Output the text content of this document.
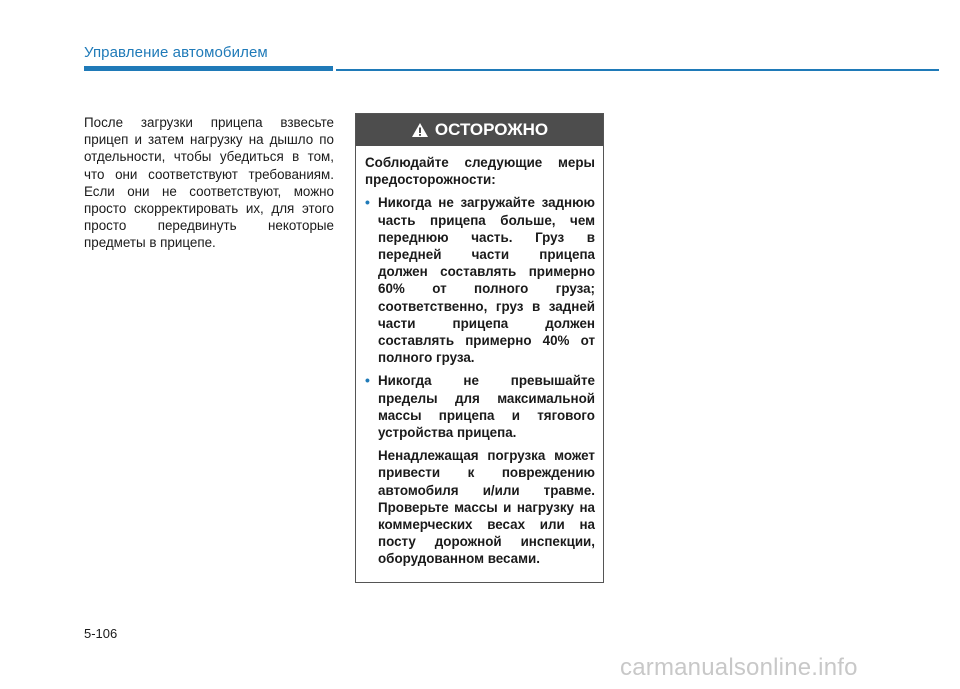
Управление автомобилем
После загрузки прицепа взвесьте прицеп и затем нагрузку на дышло по отдельности, чтобы убедиться в том, что они соответствуют требованиям. Если они не соответствуют, можно просто скорректировать их, для этого просто передвинуть некоторые предметы в прицепе.
ОСТОРОЖНО

Соблюдайте следующие меры предосторожности:

• Никогда не загружайте заднюю часть прицепа больше, чем переднюю часть. Груз в передней части прицепа должен составлять примерно 60% от полного груза; соответственно, груз в задней части прицепа должен составлять примерно 40% от полного груза.
• Никогда не превышайте пределы для максимальной массы прицепа и тягового устройства прицепа.

Ненадлежащая погрузка может привести к повреждению автомобиля и/или травме. Проверьте массы и нагрузку на коммерческих весах или на посту дорожной инспекции, оборудованном весами.

5-106
carmanualsonline.info
